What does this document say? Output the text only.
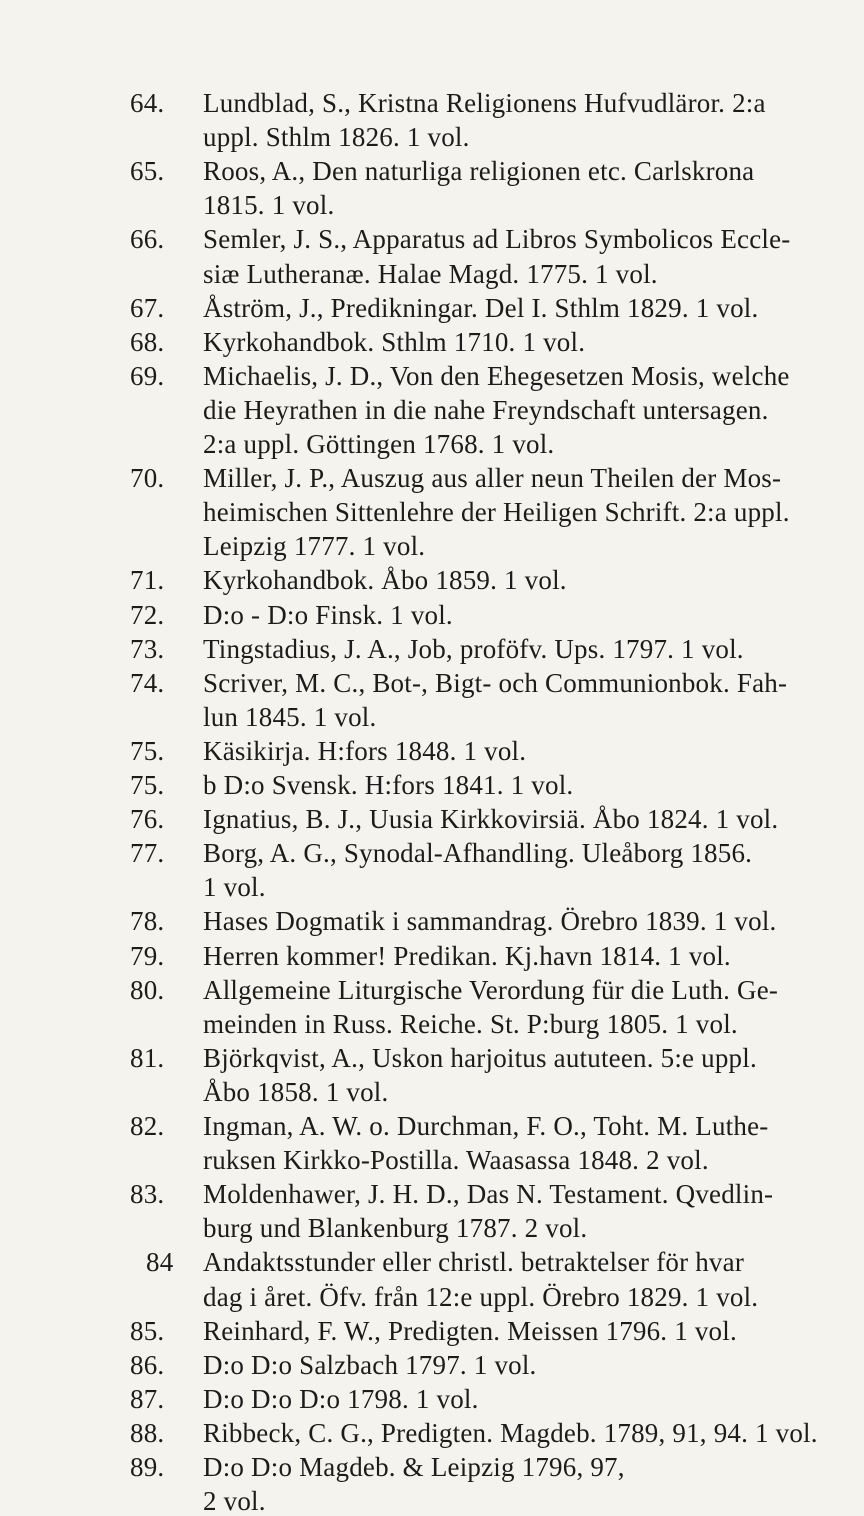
64. Lundblad, S., Kristna Religionens Hufvudläror. 2:a
uppl. Sthlm 1826. 1 vol.
65. Roos, A., Den naturliga religionen etc. Carlskrona
1815. 1 vol.
66. Semler, J. S., Apparatus ad Libros Symbolicos Eccle-
siæ Lutheranæ. Halae Magd. 1775. 1 vol.
67. Åström, J., Predikningar. Del I. Sthlm 1829. 1 vol.
68. Kyrkohandbok. Sthlm 1710. 1 vol.
69. Michaelis, J. D., Von den Ehegesetzen Mosis, welche
die Heyrathen in die nahe Freyndschaft untersagen.
2:a uppl. Göttingen 1768. 1 vol.
70. Miller, J. P., Auszug aus aller neun Theilen der Mos-
heimischen Sittenlehre der Heiligen Schrift. 2:a uppl.
Leipzig 1777. 1 vol.
71. Kyrkohandbok. Åbo 1859. 1 vol.
72. D:o - D:o Finsk. 1 vol.
73. Tingstadius, J. A., Job, proföfv. Ups. 1797. 1 vol.
74. Scriver, M. C., Bot-, Bigt- och Communionbok. Fah-
lun 1845. 1 vol.
75. Käsikirja. H:fors 1848. 1 vol.
75. b D:o Svensk. H:fors 1841. 1 vol.
76. Ignatius, B. J., Uusia Kirkkovirsiä. Åbo 1824. 1 vol.
77. Borg, A. G., Synodal-Afhandling. Uleåborg 1856.
1 vol.
78. Hases Dogmatik i sammandrag. Örebro 1839. 1 vol.
79. Herren kommer! Predikan. Kj.havn 1814. 1 vol.
80. Allgemeine Liturgische Verordung für die Luth. Ge-
meinden in Russ. Reiche. St. P:burg 1805. 1 vol.
81. Björkqvist, A., Uskon harjoitus aututeen. 5:e uppl.
Åbo 1858. 1 vol.
82. Ingman, A. W. o. Durchman, F. O., Toht. M. Luthe-
ruksen Kirkko-Postilla. Waasassa 1848. 2 vol.
83. Moldenhawer, J. H. D., Das N. Testament. Qvedlin-
burg und Blankenburg 1787. 2 vol.
84 Andaktsstunder eller christl. betraktelser för hvar
dag i året. Öfv. från 12:e uppl. Örebro 1829. 1 vol.
85. Reinhard, F. W., Predigten. Meissen 1796. 1 vol.
86. D:o D:o Salzbach 1797. 1 vol.
87. D:o D:o D:o 1798. 1 vol.
88. Ribbeck, C. G., Predigten. Magdeb. 1789, 91, 94. 1 vol.
89. D:o D:o Magdeb. & Leipzig 1796, 97,
2 vol.
